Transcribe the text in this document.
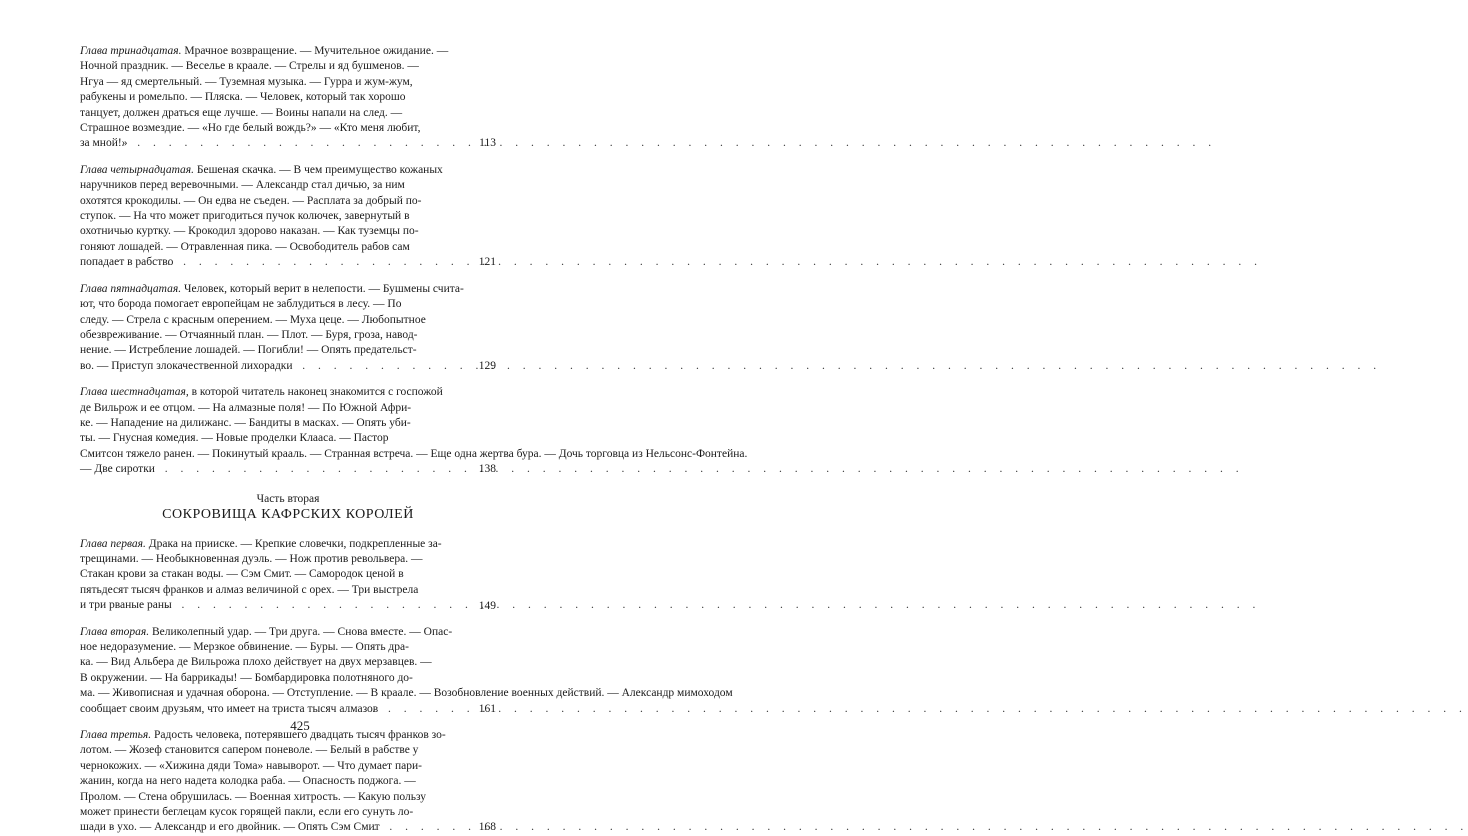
Глава тринадцатая. Мрачное возвращение. — Мучительное ожидание. —
Ночной праздник. — Веселье в краале. — Стрелы и яд бушменов. —
Нгуа — яд смертельный. — Туземная музыка. — Гурра и жум-жум,
рабукены и ромельпо. — Пляска. — Человек, который так хорошо
танцует, должен драться еще лучше. — Воины напали на след. —
Страшное возмездие. — «Но где белый вождь?» — «Кто меня любит,
за мной!» . . .	113
Глава четырнадцатая. Бешеная скачка. — В чем преимущество кожаных
наручников перед веревочными. — Александр стал дичью, за ним
охотятся крокодилы. — Он едва не съеден. — Расплата за добрый по-
ступок. — На что может пригодиться пучок колючек, завернутый в
охотничью куртку. — Крокодил здорово наказан. — Как туземцы по-
гоняют лошадей. — Отравленная пика. — Освободитель рабов сам
попадает в рабство . . .	121
Глава пятнадцатая. Человек, который верит в нелепости. — Бушмены счита-
ют, что борода помогает европейцам не заблудиться в лесу. — По
следу. — Стрела с красным оперением. — Муха цеце. — Любопытное
обезвреживание. — Отчаянный план. — Плот. — Буря, гроза, навод-
нение. — Истребление лошадей. — Погибли! — Опять предательст-
во. — Приступ злокачественной лихорадки . . .	129
Глава шестнадцатая, в которой читатель наконец знакомится с госпожой
де Вильрож и ее отцом. — На алмазные поля! — По Южной Афри-
ке. — Нападение на дилижанс. — Бандиты в масках. — Опять уби-
ты. — Гнусная комедия. — Новые проделки Клааса. — Пастор
Смитсон тяжело ранен. — Покинутый крааль. — Странная встреча. — Еще одна жертва бура. — Дочь торговца из Нельсонс-Фонтейна.
— Две сиротки . . .	138
Часть вторая
СОКРОВИЩА КАФРСКИХ КОРОЛЕЙ
Глава первая. Драка на прииске. — Крепкие словечки, подкрепленные за-
трещинами. — Необыкновенная дуэль. — Нож против револьвера. —
Стакан крови за стакан воды. — Сэм Смит. — Самородок ценой в
пятьдесят тысяч франков и алмаз величиной с орех. — Три выстрела
и три рваные раны . . .	149
Глава вторая. Великолепный удар. — Три друга. — Снова вместе. — Опас-
ное недоразумение. — Мерзкое обвинение. — Буры. — Опять дра-
ка. — Вид Альбера де Вильрожа плохо действует на двух мерзавцев. —
В окружении. — На баррикады! — Бомбардировка полотняного до-
ма. — Живописная и удачная оборона. — Отступление. — В краале. — Возобновление военных действий. — Александр мимоходом
сообщает своим друзьям, что имеет на триста тысяч алмазов . . .	161
Глава третья. Радость человека, потерявшего двадцать тысяч франков зо-
лотом. — Жозеф становится сапером поневоле. — Белый в рабстве у
чернокожих. — «Хижина дяди Тома» навыворот. — Что думает пари-
жанин, когда на него надета колодка раба. — Опасность поджога. —
Пролом. — Стена обрушилась. — Военная хитрость. — Какую пользу
может принести беглецам кусок горящей пакли, если его сунуть ло-
шади в ухо. — Александр и его двойник. — Опять Сэм Смит . . .	168
425
